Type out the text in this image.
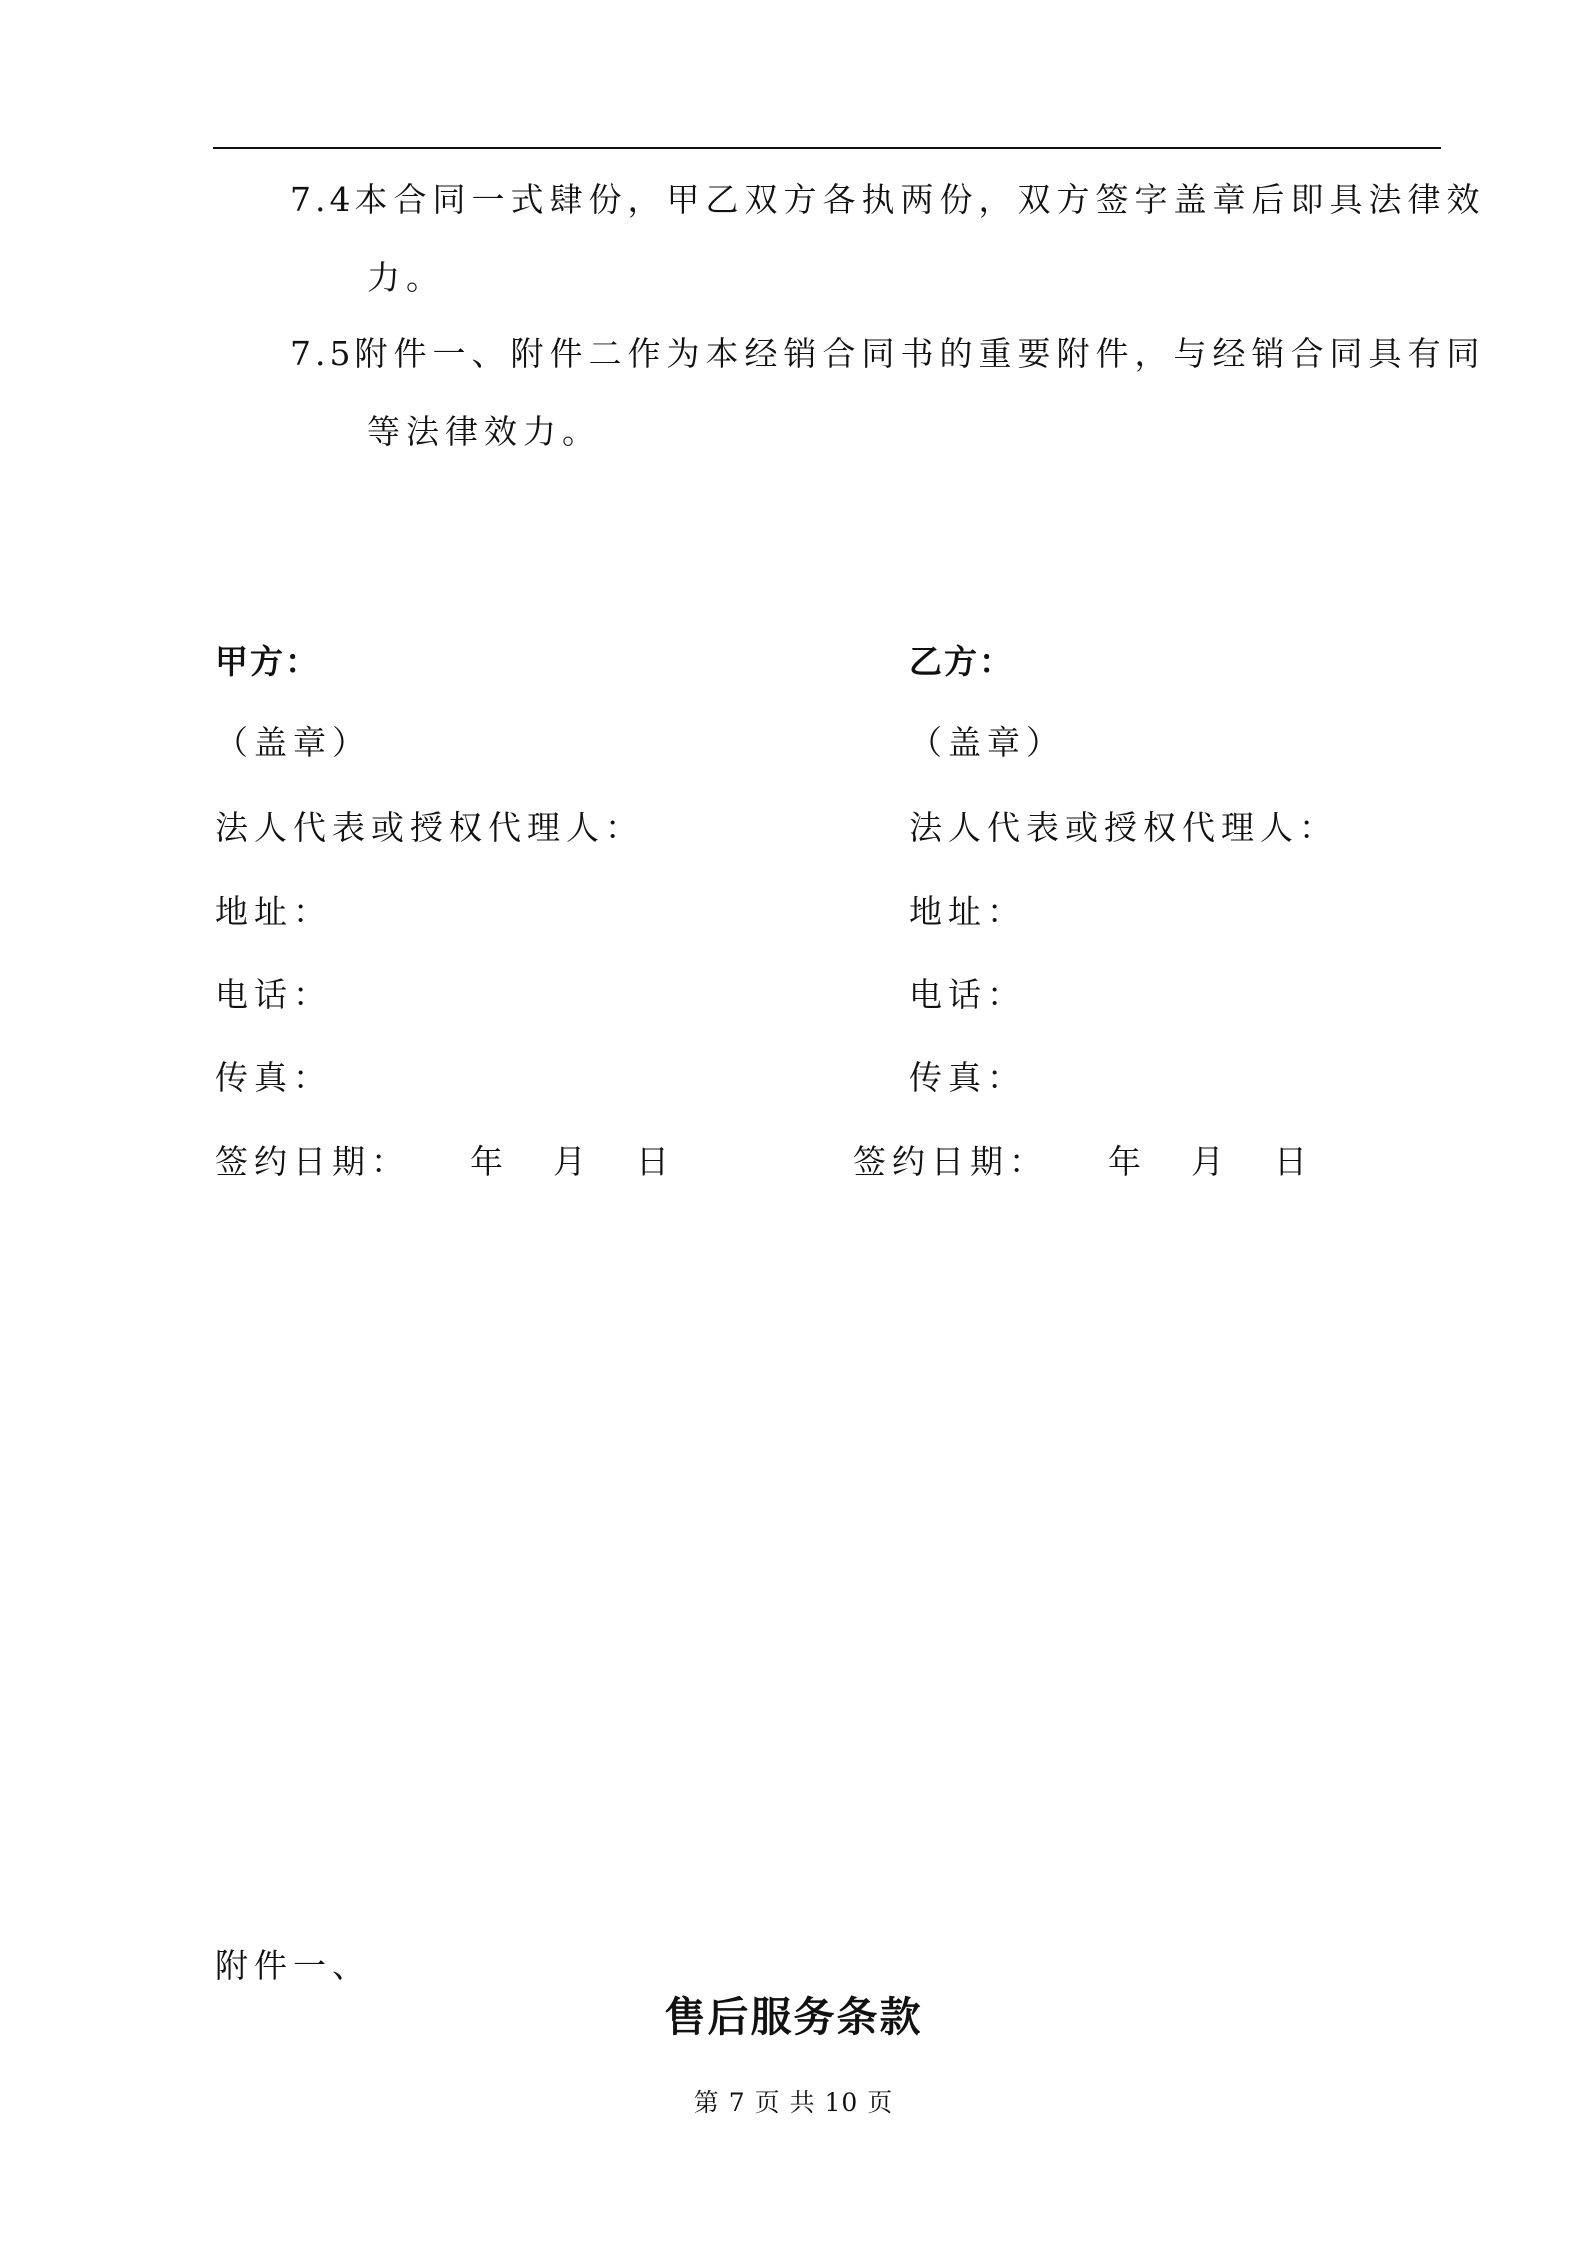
7.4本合同一式肆份，甲乙双方各执两份，双方签字盖章后即具法律效
力。
7.5附件一、附件二作为本经销合同书的重要附件，与经销合同具有同
等法律效力。
甲方：
（盖章）
法人代表或授权代理人：
地址：
电话：
传真：
签约日期： 年 月 日
乙方：
（盖章）
法人代表或授权代理人：
地址：
电话：
传真：
签约日期： 年 月 日
附件一、
售后服务条款
第 7 页 共 10 页
